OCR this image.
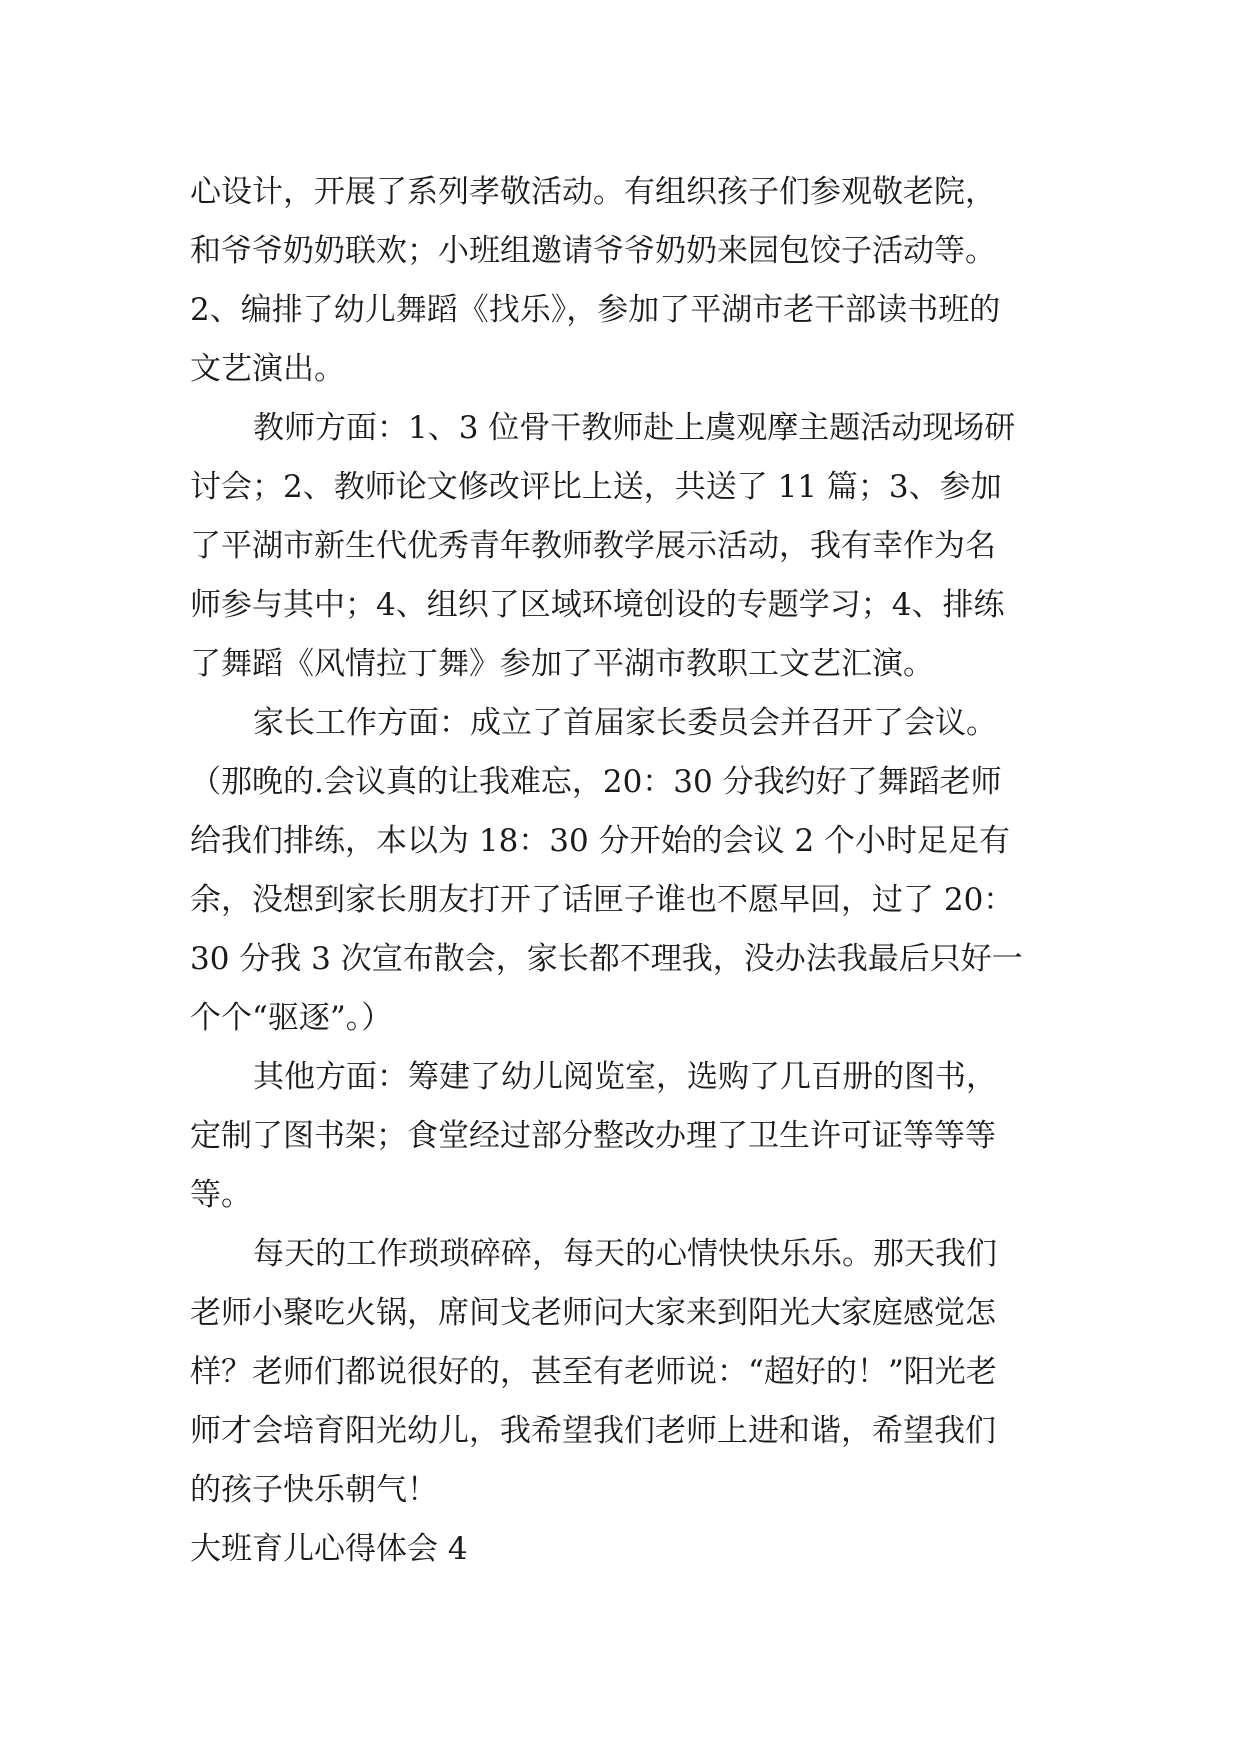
心设计，开展了系列孝敬活动。有组织孩子们参观敬老院，
和爷爷奶奶联欢；小班组邀请爷爷奶奶来园包饺子活动等。
2、编排了幼儿舞蹈《找乐》，参加了平湖市老干部读书班的
文艺演出。
教师方面：1、3 位骨干教师赴上虞观摩主题活动现场研
讨会；2、教师论文修改评比上送，共送了 11 篇；3、参加
了平湖市新生代优秀青年教师教学展示活动，我有幸作为名
师参与其中；4、组织了区域环境创设的专题学习；4、排练
了舞蹈《风情拉丁舞》参加了平湖市教职工文艺汇演。
家长工作方面：成立了首届家长委员会并召开了会议。
（那晚的.会议真的让我难忘，20：30 分我约好了舞蹈老师
给我们排练，本以为 18：30 分开始的会议 2 个小时足足有
余，没想到家长朋友打开了话匣子谁也不愿早回，过了 20：
30 分我 3 次宣布散会，家长都不理我，没办法我最后只好一
个个“驱逐”。）
其他方面：筹建了幼儿阅览室，选购了几百册的图书，
定制了图书架；食堂经过部分整改办理了卫生许可证等等等
等。
每天的工作琐琐碎碎，每天的心情快快乐乐。那天我们
老师小聚吃火锅，席间戈老师问大家来到阳光大家庭感觉怎
样？老师们都说很好的，甚至有老师说：“超好的！”阳光老
师才会培育阳光幼儿，我希望我们老师上进和谐，希望我们
的孩子快乐朝气！
大班育儿心得体会 4
